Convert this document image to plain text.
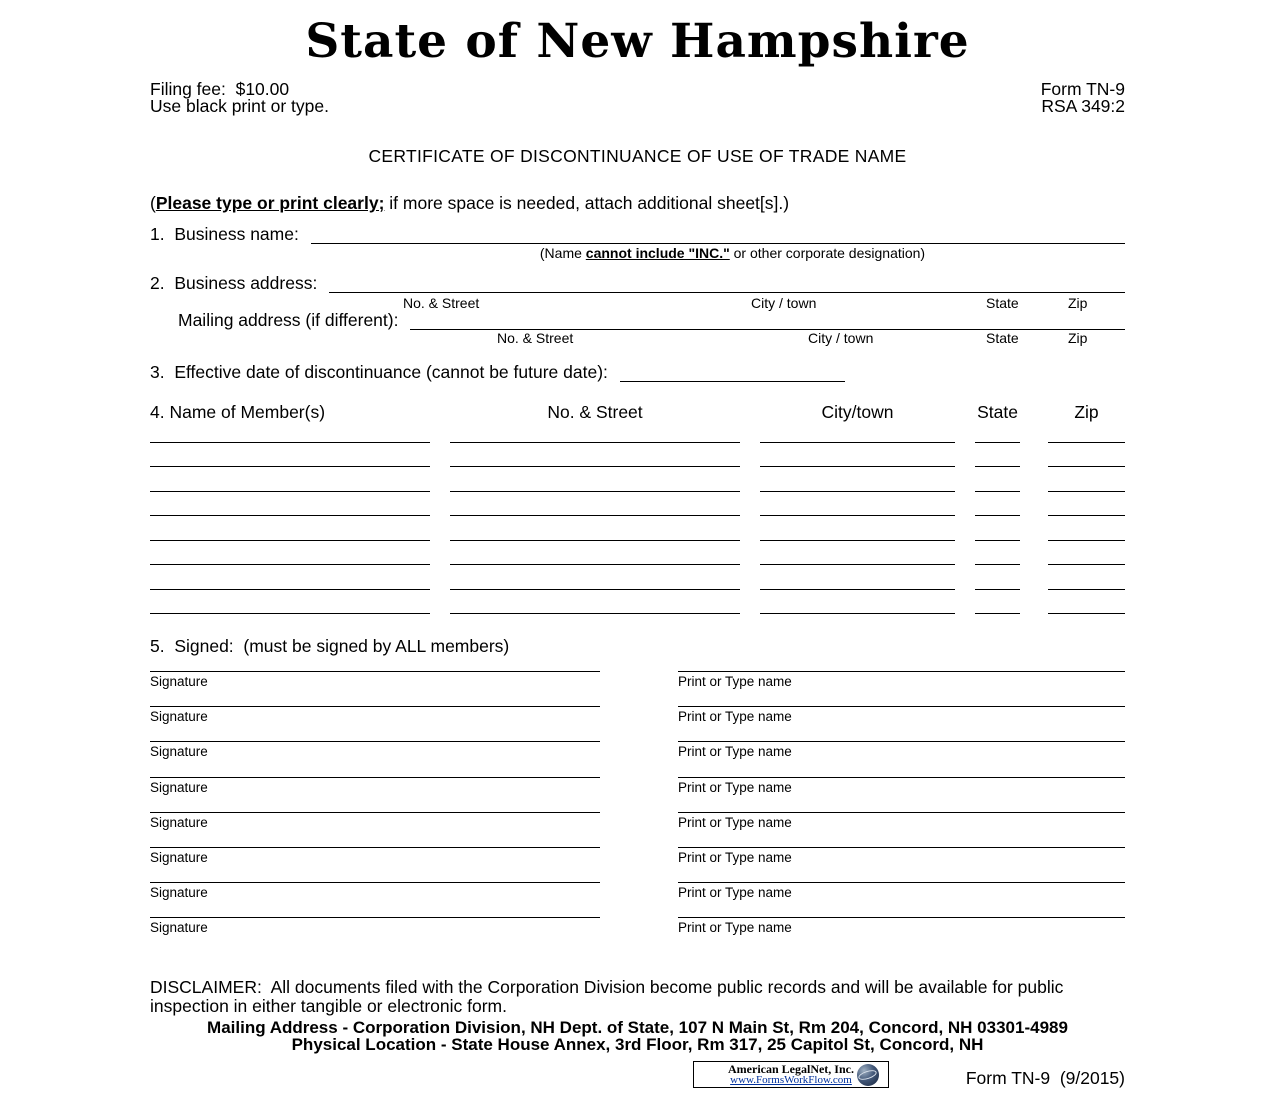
State of New Hampshire
Filing fee:  $10.00
Use black print or type.
Form TN-9
RSA 349:2
CERTIFICATE OF DISCONTINUANCE OF USE OF TRADE NAME
(Please type or print clearly; if more space is needed, attach additional sheet[s].)
1.  Business name:
(Name cannot include "INC." or other corporate designation)
2.  Business address:
No. & Street	City / town	State	Zip
Mailing address (if different):
No. & Street	City / town	State	Zip
3.  Effective date of discontinuance (cannot be future date):
4. Name of Member(s)	No. & Street	City/town	State	Zip
5.  Signed:  (must be signed by ALL members)
Signature	Print or Type name
Signature	Print or Type name
Signature	Print or Type name
Signature	Print or Type name
Signature	Print or Type name
Signature	Print or Type name
Signature	Print or Type name
Signature	Print or Type name
DISCLAIMER:  All documents filed with the Corporation Division become public records and will be available for public inspection in either tangible or electronic form.
Mailing Address - Corporation Division, NH Dept. of State, 107 N Main St, Rm 204, Concord, NH 03301-4989
Physical Location - State House Annex, 3rd Floor, Rm 317, 25 Capitol St, Concord, NH
American LegalNet, Inc.
www.FormsWorkFlow.com	Form TN-9  (9/2015)
